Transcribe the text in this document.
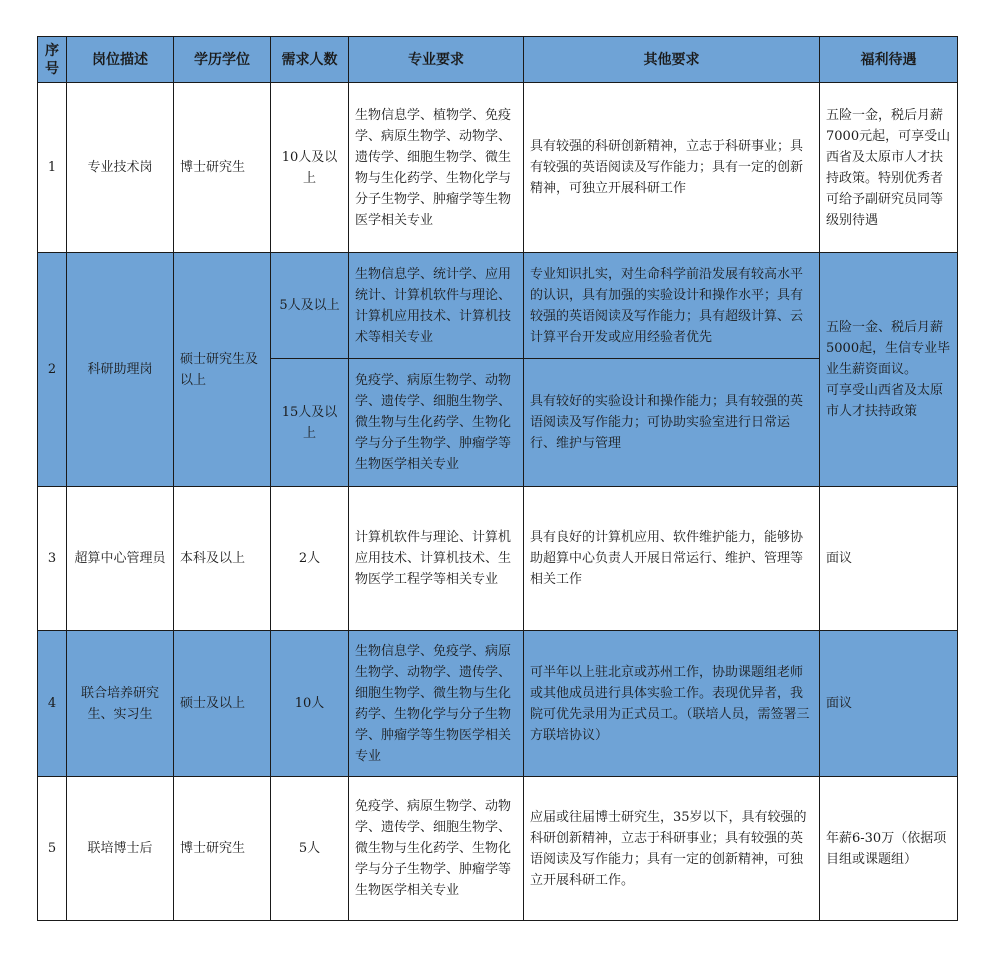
序号	岗位描述	学历学位	需求人数	专业要求	其他要求	福利待遇
1	专业技术岗	博士研究生	10人及以上	生物信息学、植物学、免疫学、病原生物学、动物学、遗传学、细胞生物学、微生物与生化药学、生物化学与分子生物学、肿瘤学等生物医学相关专业	具有较强的科研创新精神，立志于科研事业；具有较强的英语阅读及写作能力；具有一定的创新精神，可独立开展科研工作	五险一金，税后月薪7000元起，可享受山西省及太原市人才扶持政策。特别优秀者可给予副研究员同等级别待遇
2	科研助理岗	硕士研究生及以上	5人及以上	生物信息学、统计学、应用统计、计算机软件与理论、计算机应用技术、计算机技术等相关专业	专业知识扎实，对生命科学前沿发展有较高水平的认识，具有加强的实验设计和操作水平；具有较强的英语阅读及写作能力；具有超级计算、云计算平台开发或应用经验者优先	五险一金、税后月薪5000起，生信专业毕业生薪资面议。
可享受山西省及太原市人才扶持政策
			15人及以上	免疫学、病原生物学、动物学、遗传学、细胞生物学、微生物与生化药学、生物化学与分子生物学、肿瘤学等生物医学相关专业	具有较好的实验设计和操作能力；具有较强的英语阅读及写作能力；可协助实验室进行日常运行、维护与管理	
3	超算中心管理员	本科及以上	2人	计算机软件与理论、计算机应用技术、计算机技术、生物医学工程学等相关专业	具有良好的计算机应用、软件维护能力，能够协助超算中心负责人开展日常运行、维护、管理等相关工作	面议
4	联合培养研究生、实习生	硕士及以上	10人	生物信息学、免疫学、病原生物学、动物学、遗传学、细胞生物学、微生物与生化药学、生物化学与分子生物学、肿瘤学等生物医学相关专业	可半年以上驻北京或苏州工作，协助课题组老师或其他成员进行具体实验工作。表现优异者，我院可优先录用为正式员工。（联培人员，需签署三方联培协议）	面议
5	联培博士后	博士研究生	5人	免疫学、病原生物学、动物学、遗传学、细胞生物学、微生物与生化药学、生物化学与分子生物学、肿瘤学等生物医学相关专业	应届或往届博士研究生，35岁以下，具有较强的科研创新精神，立志于科研事业；具有较强的英语阅读及写作能力；具有一定的创新精神，可独立开展科研工作。	年薪6-30万（依据项目组或课题组）
